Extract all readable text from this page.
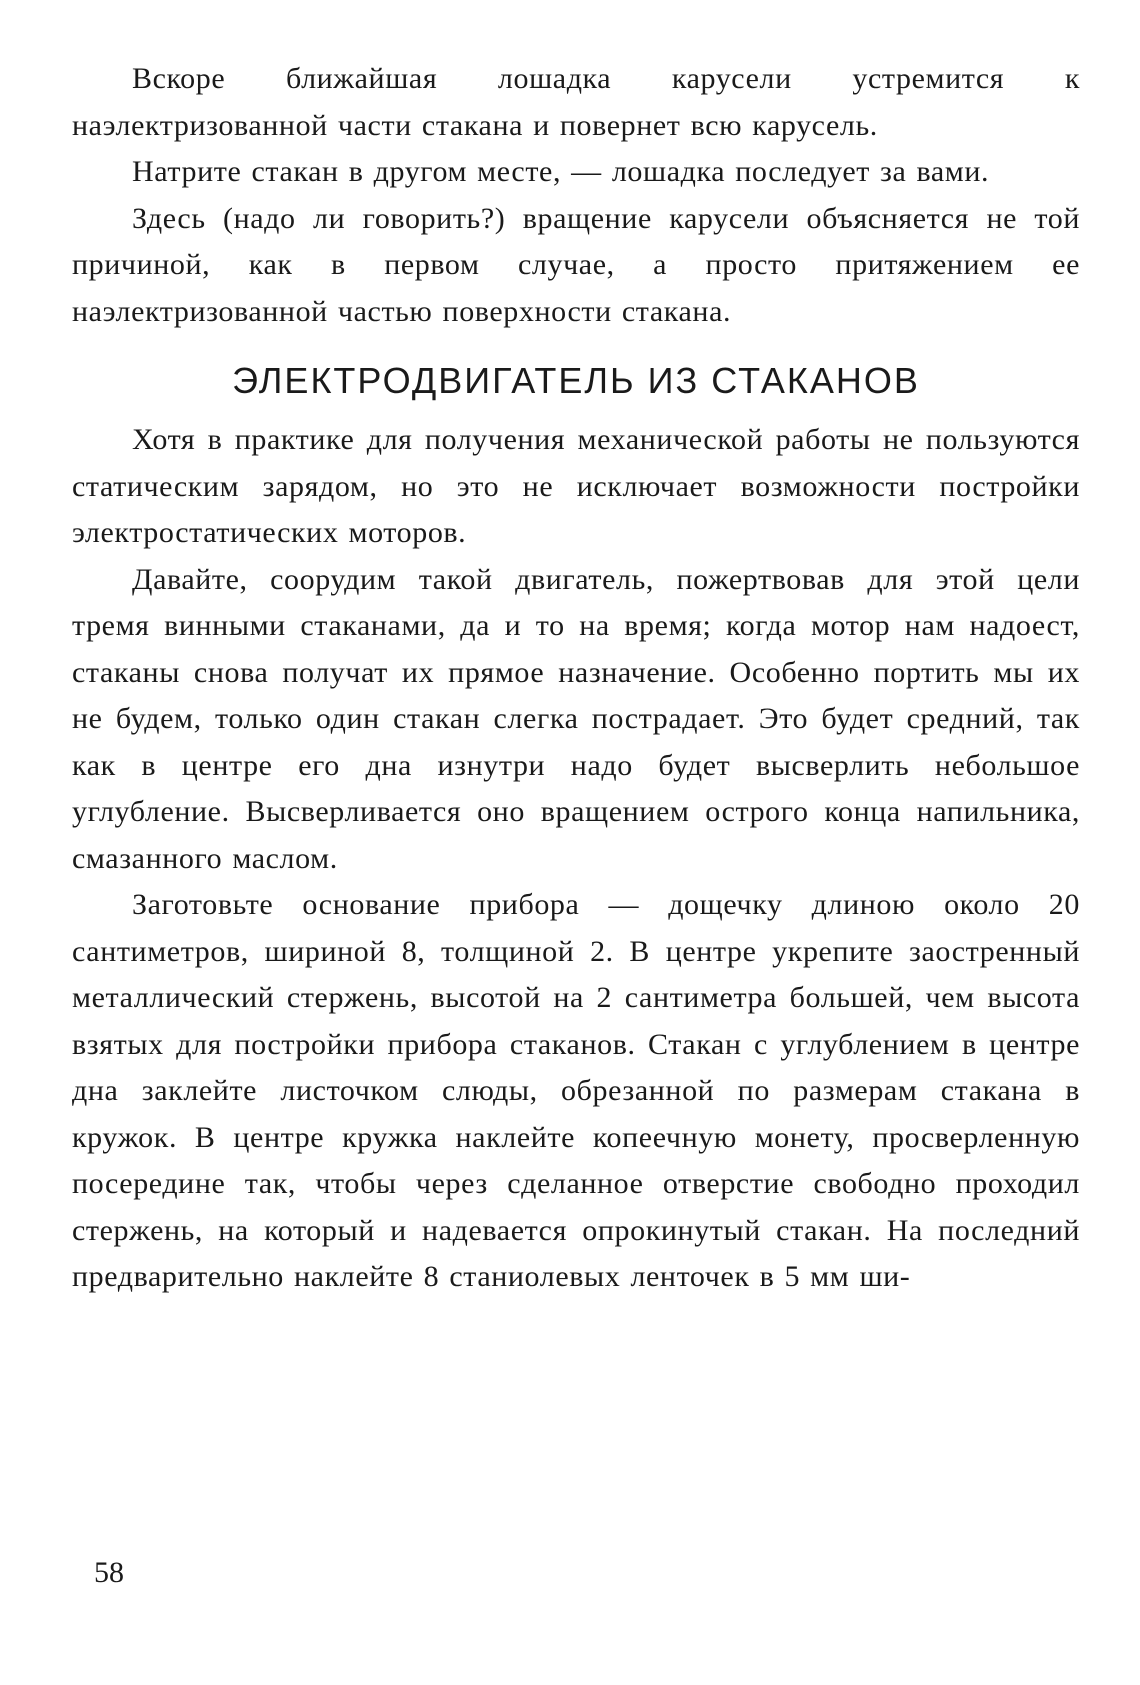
Вскоре ближайшая лошадка карусели устремится к наэлектризованной части стакана и повернет всю карусель.

Натрите стакан в другом месте, — лошадка последует за вами.

Здесь (надо ли говорить?) вращение карусели объясняется не той причиной, как в первом случае, а просто притяжением ее наэлектризованной частью поверхности стакана.

ЭЛЕКТРОДВИГАТЕЛЬ ИЗ СТАКАНОВ

Хотя в практике для получения механической работы не пользуются статическим зарядом, но это не исключает возможности постройки электростатических моторов.

Давайте, соорудим такой двигатель, пожертвовав для этой цели тремя винными стаканами, да и то на время; когда мотор нам надоест, стаканы снова получат их прямое назначение. Особенно портить мы их не будем, только один стакан слегка пострадает. Это будет средний, так как в центре его дна изнутри надо будет высверлить небольшое углубление. Высверливается оно вращением острого конца напильника, смазанного маслом.

Заготовьте основание прибора — дощечку длиною около 20 сантиметров, шириной 8, толщиной 2. В центре укрепите заостренный металлический стержень, высотой на 2 сантиметра большей, чем высота взятых для постройки прибора стаканов. Стакан с углублением в центре дна заклейте листочком слюды, обрезанной по размерам стакана в кружок. В центре кружка наклейте копеечную монету, просверленную посередине так, чтобы через сделанное отверстие свободно проходил стержень, на который и надевается опрокинутый стакан. На последний предварительно наклейте 8 станиолевых ленточек в 5 мм ши-

58
